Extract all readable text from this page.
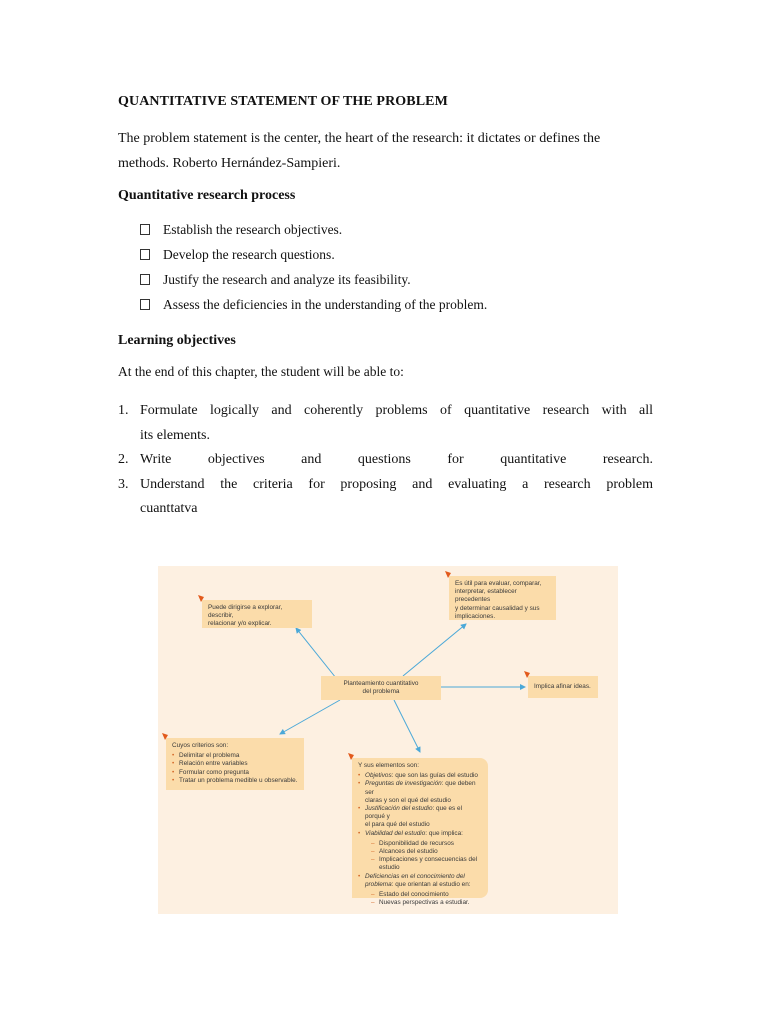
QUANTITATIVE STATEMENT OF THE PROBLEM
The problem statement is the center, the heart of the research: it dictates or defines the methods. Roberto Hernández-Sampieri.
Quantitative research process
Establish the research objectives.
Develop the research questions.
Justify the research and analyze its feasibility.
Assess the deficiencies in the understanding of the problem.
Learning objectives
At the end of this chapter, the student will be able to:
1. Formulate logically and coherently problems of quantitative research with all
its elements.
2. Write objectives and questions for quantitative research.
3. Understand the criteria for proposing and evaluating a research problem
cuanttatva
Puede dirigirse a explorar, describir,
relacionar y/o explicar.
Es útil para evaluar, comparar,
interpretar, establecer precedentes
y determinar causalidad y sus
implicaciones.
Planteamiento cuantitativo
del problema
Implica afinar ideas.
Cuyos criterios son:
• Delimitar el problema
• Relación entre variables
• Formular como pregunta
• Tratar un problema medible u observable.
Y sus elementos son:
• Objetivos: que son las guías del estudio
• Preguntas de investigación: que deben ser
claras y son el qué del estudio
• Justificación del estudio: que es el porqué y
el para qué del estudio
• Viabilidad del estudio: que implica:
– Disponibilidad de recursos
– Alcances del estudio
– Implicaciones y consecuencias del estudio
• Deficiencias en el conocimiento del
problema: que orientan al estudio en:
– Estado del conocimiento
– Nuevas perspectivas a estudiar.
